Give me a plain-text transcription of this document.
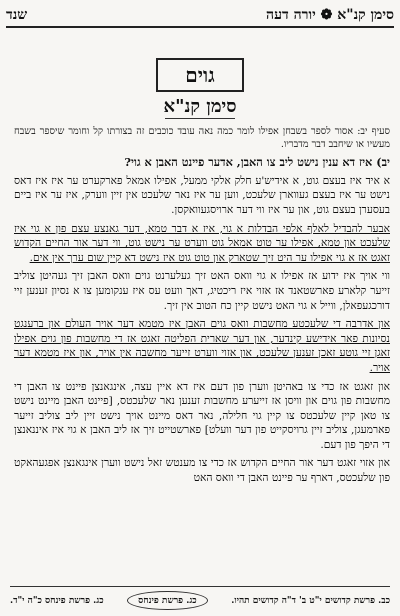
שנד	סימן קנ"א ❁ יורה דעה
גוים
סימן קנ"א

סעיף יב: אסור לספר בשבחן אפילו לומר כמה נאה עובד כוכבים זה בצורתו קל וחומר שיספר בשבח מעשיו או שיחבב דבר מדבריו.

יב) איז דא ענין נישט ליב צו האבן, אדער פיינט האבן א גוי?

א איד איז בעצם גוט, א אידיש'ע חלק אלקי ממעל, אפילו אמאל פארקערט ער איז איז דאס נישט ער איז בעצם געווארן שלעכט, ווען ער איז נאר שלעכט אין זיין ווערק, איז ער איז ביים בעסערן בעצם גוט, און ער איז ווי דער ארויסגעוואקסן.

אבער להבדיל לאלף אלפי הבדלות א גוי, איז א דבר טמא, דער גאנצע עצם פון א גוי איז שלעכט און טמא, אפילו ער טוט אמאל גוט ווערט ער נישט גוט, ווי דער אור החיים הקדוש זאגט אז א גוי אפילו ער היט זיך שטארק און טוט גוט איז נישט דא קיין שום ערך אין אים.

ווי אויך איז ידוע אז אפילו א גוי וואס האט זיך געלערנט גוים וואס האבן זיך געהיטן צוליב זייער קלארע פארשטאנד אז אזוי איז ריכטיג, דאך וועט עס איז ענקומען צו א נסיון זענען זיי דורכגעפאלן, ווייל א גוי האט נישט קיין כח הטוב אין זיך.

און אדרבה די שלעכטע מחשבות וואס גוים האבן איז מטמא דער אויר העולם און ברענגט נסיונות פאר אידישע קינדער, און דער שארית הפליטה זאגט אז די מחשבות פון גוים אפילו זאגן זיי גוטע זאכן זענען שלעכט, און אזוי ווערט זייער מחשבה אין אויר, און איז מטמא דער אויר.

און זאגט אז כדי צו באהיטן ווערן פון דעם איז דא איין עצה, אינגאנצן פיינט צו האבן די מחשבות פון גוים און וויסן אז זייערע מחשבות זענען נאר שלעכטס, [פיינט האבן מיינט נישט צו טאן קיין שלעכטס צו קיין גוי חלילה, נאר דאס מיינט אויך נישט זיין ליב צוליב זייער פארמעגן, צוליב זיין גרויסקייט פון דער וועלט] פארשטייט זיך אז ליב האבן א גוי איז איננאנצן די היפך פון דעם.

און אזוי זאגט דער אור החיים הקדוש אז כדי צו מענטש זאל נישט ווערן אינגאנצן אפגעהאקט פון שלעכטס, דארף ער פיינט האבן די וואס האט

כב. פרשת קדושים י"ט ב' ד"ה קדושים תהיו.
כג. פרשת פינחס
כג. פרשת פינחס כ"ה י"ד.
